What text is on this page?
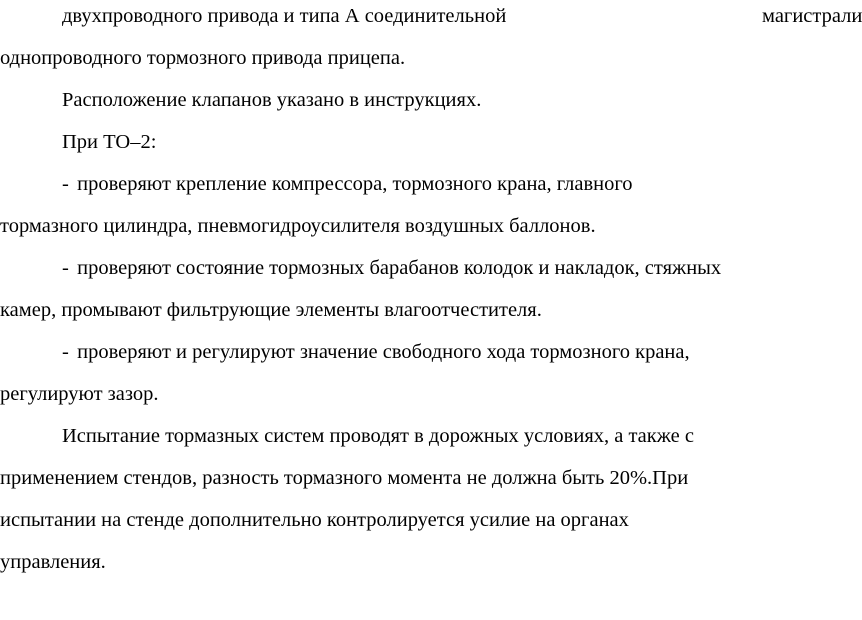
двухпроводного привода и типа А соединительной	магистрали
однопроводного тормозного привода прицепа.
Расположение клапанов указано в инструкциях.
При ТО–2:
- проверяют крепление компрессора, тормозного крана, главного
тормазного цилиндра, пневмогидроусилителя воздушных баллонов.
- проверяют состояние тормозных барабанов колодок и накладок, стяжных
камер, промывают фильтрующие элементы влагоотчестителя.
- проверяют и регулируют значение свободного хода тормозного крана,
регулируют зазор.
Испытание тормазных систем проводят в дорожных условиях, а также с
применением стендов, разность тормазного момента не должна быть 20%.При
испытании на стенде дополнительно контролируется усилие на органах
управления.
